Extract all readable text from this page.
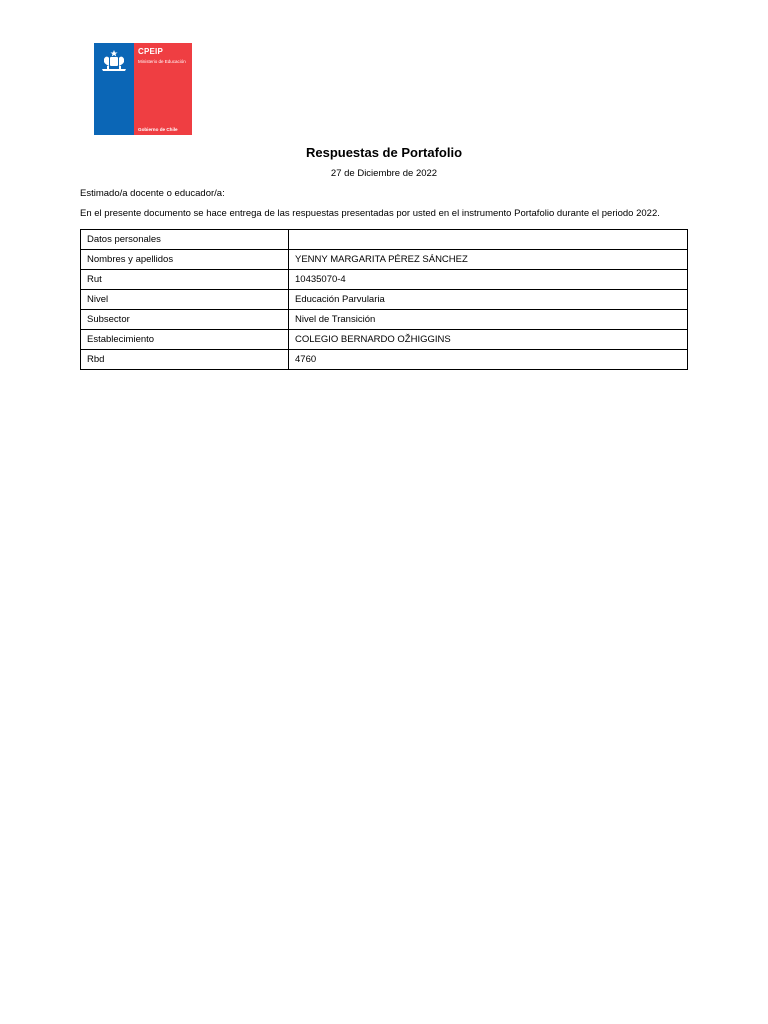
CPEIP
Ministerio de Educación
Gobierno de Chile
Respuestas de Portafolio
27 de Diciembre de 2022
Estimado/a docente o educador/a:
En el presente documento se hace entrega de las respuestas presentadas por usted en el instrumento Portafolio durante el periodo 2022.
Datos personales	
Nombres y apellidos	YENNY MARGARITA PÉREZ SÁNCHEZ
Rut	10435070-4
Nivel	Educación Parvularia
Subsector	Nivel de Transición
Establecimiento	COLEGIO BERNARDO OŽHIGGINS
Rbd	4760
